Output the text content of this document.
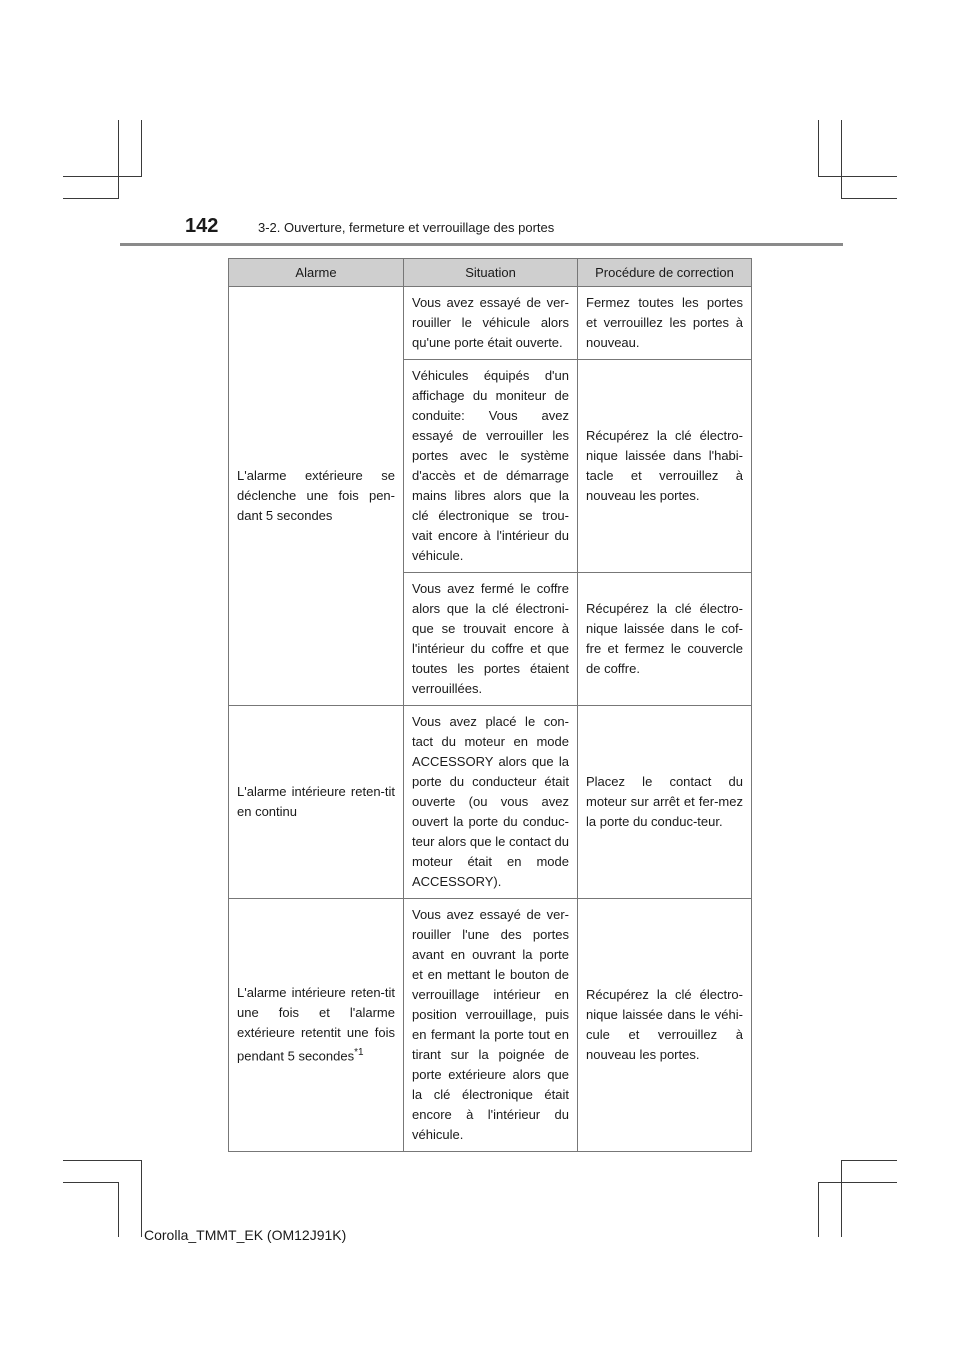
142	3-2. Ouverture, fermeture et verrouillage des portes
Alarme	Situation	Procédure de correction
L'alarme extérieure se déclenche une fois pen-dant 5 secondes	Vous avez essayé de ver-rouiller le véhicule alors qu'une porte était ouverte.	Fermez toutes les portes et verrouillez les portes à nouveau.
	Véhicules équipés d'un affichage du moniteur de conduite: Vous avez essayé de verrouiller les portes avec le système d'accès et de démarrage mains libres alors que la clé électronique se trou-vait encore à l'intérieur du véhicule.	Récupérez la clé électro-nique laissée dans l'habi-tacle et verrouillez à nouveau les portes.
	Vous avez fermé le coffre alors que la clé électroni-que se trouvait encore à l'intérieur du coffre et que toutes les portes étaient verrouillées.	Récupérez la clé électro-nique laissée dans le cof-fre et fermez le couvercle de coffre.
L'alarme intérieure reten-tit en continu	Vous avez placé le con-tact du moteur en mode ACCESSORY alors que la porte du conducteur était ouverte (ou vous avez ouvert la porte du conduc-teur alors que le contact du moteur était en mode ACCESSORY).	Placez le contact du moteur sur arrêt et fer-mez la porte du conduc-teur.
L'alarme intérieure reten-tit une fois et l'alarme extérieure retentit une fois pendant 5 secondes$^{*1}$	Vous avez essayé de ver-rouiller l'une des portes avant en ouvrant la porte et en mettant le bouton de verrouillage intérieur en position verrouillage, puis en fermant la porte tout en tirant sur la poignée de porte extérieure alors que la clé électronique était encore à l'intérieur du véhicule.	Récupérez la clé électro-nique laissée dans le véhi-cule et verrouillez à nouveau les portes.
Corolla_TMMT_EK (OM12J91K)
